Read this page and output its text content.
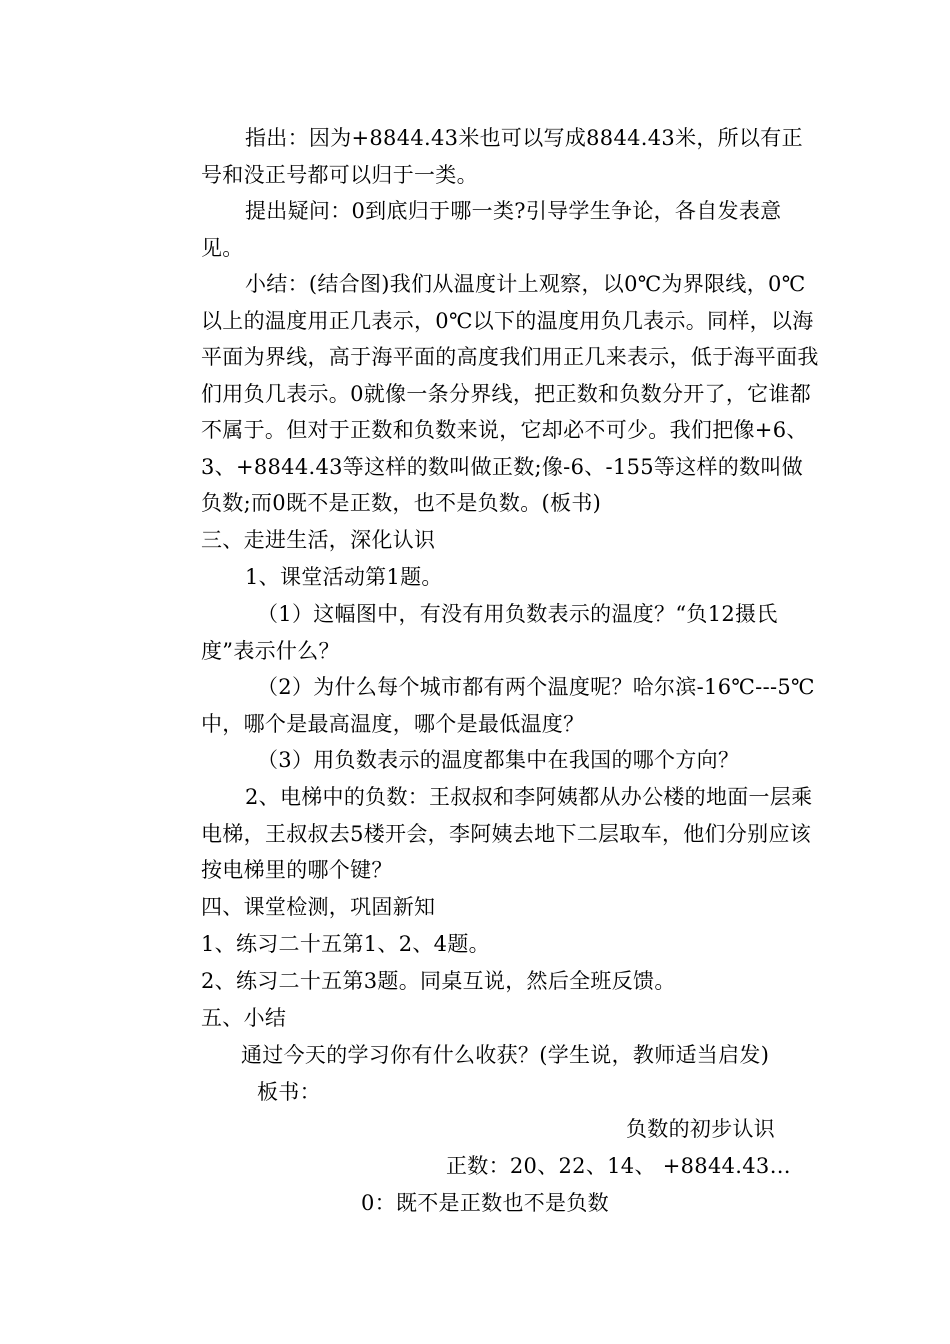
指出：因为+8844.43米也可以写成8844.43米，所以有正号和没正号都可以归于一类。
提出疑问：0到底归于哪一类?引导学生争论，各自发表意见。
小结：(结合图)我们从温度计上观察，以0℃为界限线，0℃以上的温度用正几表示，0℃以下的温度用负几表示。同样，以海平面为界线，高于海平面的高度我们用正几来表示，低于海平面我们用负几表示。0就像一条分界线，把正数和负数分开了，它谁都不属于。但对于正数和负数来说，它却必不可少。我们把像+6、3、+8844.43等这样的数叫做正数;像-6、-155等这样的数叫做负数;而0既不是正数，也不是负数。(板书)
三、走进生活，深化认识
1、课堂活动第1题。
（1）这幅图中，有没有用负数表示的温度？“负12摄氏度”表示什么？
（2）为什么每个城市都有两个温度呢？哈尔滨-16℃---5℃中，哪个是最高温度，哪个是最低温度？
（3）用负数表示的温度都集中在我国的哪个方向？
2、电梯中的负数：王叔叔和李阿姨都从办公楼的地面一层乘电梯，王叔叔去5楼开会，李阿姨去地下二层取车，他们分别应该按电梯里的哪个键？
四、课堂检测，巩固新知
1、练习二十五第1、2、4题。
2、练习二十五第3题。同桌互说，然后全班反馈。
五、小结
通过今天的学习你有什么收获？(学生说，教师适当启发)
板书：
负数的初步认识
正数：20、22、14、 +8844.43…
0：既不是正数也不是负数
